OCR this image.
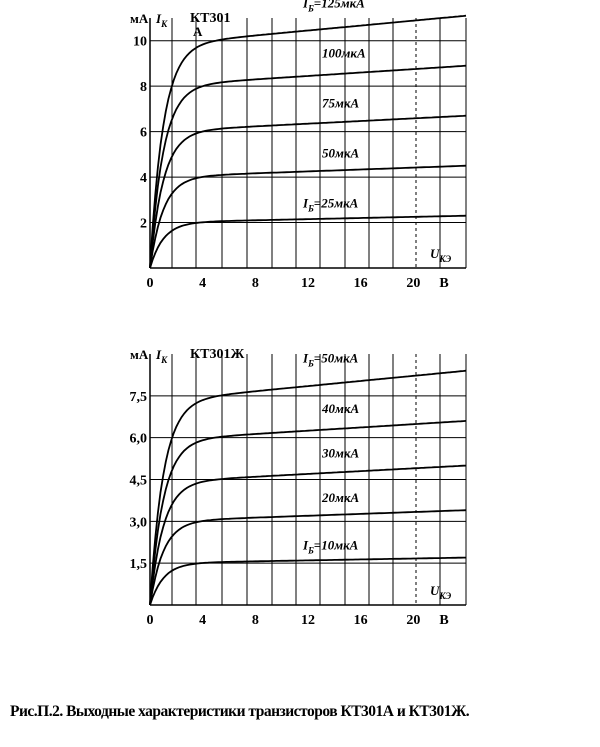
0	4	8	12	16	20 В
2
4
6
8
10
мА $I_К$ КТ301
А
$U_{КЭ}$
$I_Б=25мкА$
50мкА
75мкА
100мкА
$I_Б=125мкА$
0	4	8	12	16	20 В
1,5
3,0
4,5
6,0
7,5
мА $I_К$ КТ301Ж
$U_{КЭ}$
$I_Б=10мкА$
20мкА
30мкА
40мкА
$I_Б=50мкА$
Рис.П.2. Выходные характеристики транзисторов КТ301А и КТ301Ж.
